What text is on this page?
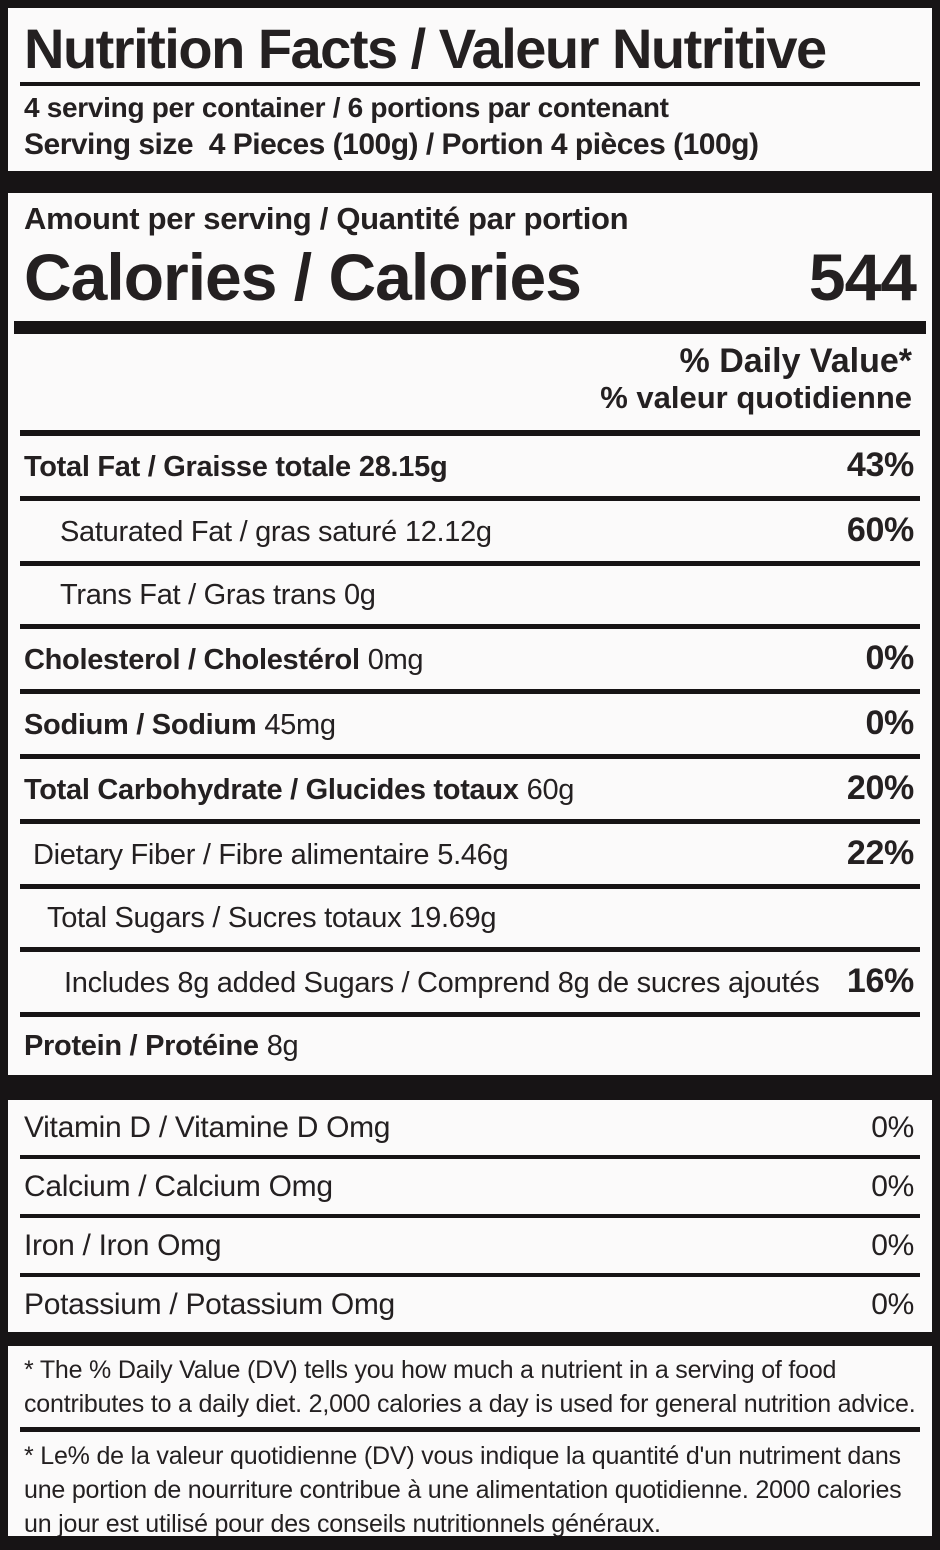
Nutrition Facts / Valeur Nutritive
4 serving per container / 6 portions par contenant
Serving size  4 Pieces (100g) / Portion 4 pièces (100g)
Amount per serving / Quantité par portion
Calories / Calories	544
% Daily Value*
% valeur quotidienne
Total Fat / Graisse totale 28.15g	43%
Saturated Fat / gras saturé 12.12g	60%
Trans Fat / Gras trans 0g
Cholesterol / Cholestérol 0mg	0%
Sodium / Sodium 45mg	0%
Total Carbohydrate / Glucides totaux 60g	20%
Dietary Fiber / Fibre alimentaire 5.46g	22%
Total Sugars / Sucres totaux 19.69g
Includes 8g added Sugars / Comprend 8g de sucres ajoutés 16%
Protein / Protéine 8g
Vitamin D / Vitamine D Omg	0%
Calcium / Calcium Omg	0%
Iron / Iron Omg	0%
Potassium / Potassium Omg	0%
* The % Daily Value (DV) tells you how much a nutrient in a serving of food contributes to a daily diet. 2,000 calories a day is used for general nutrition advice.
* Le% de la valeur quotidienne (DV) vous indique la quantité d'un nutriment dans une portion de nourriture contribue à une alimentation quotidienne. 2000 calories un jour est utilisé pour des conseils nutritionnels généraux.
